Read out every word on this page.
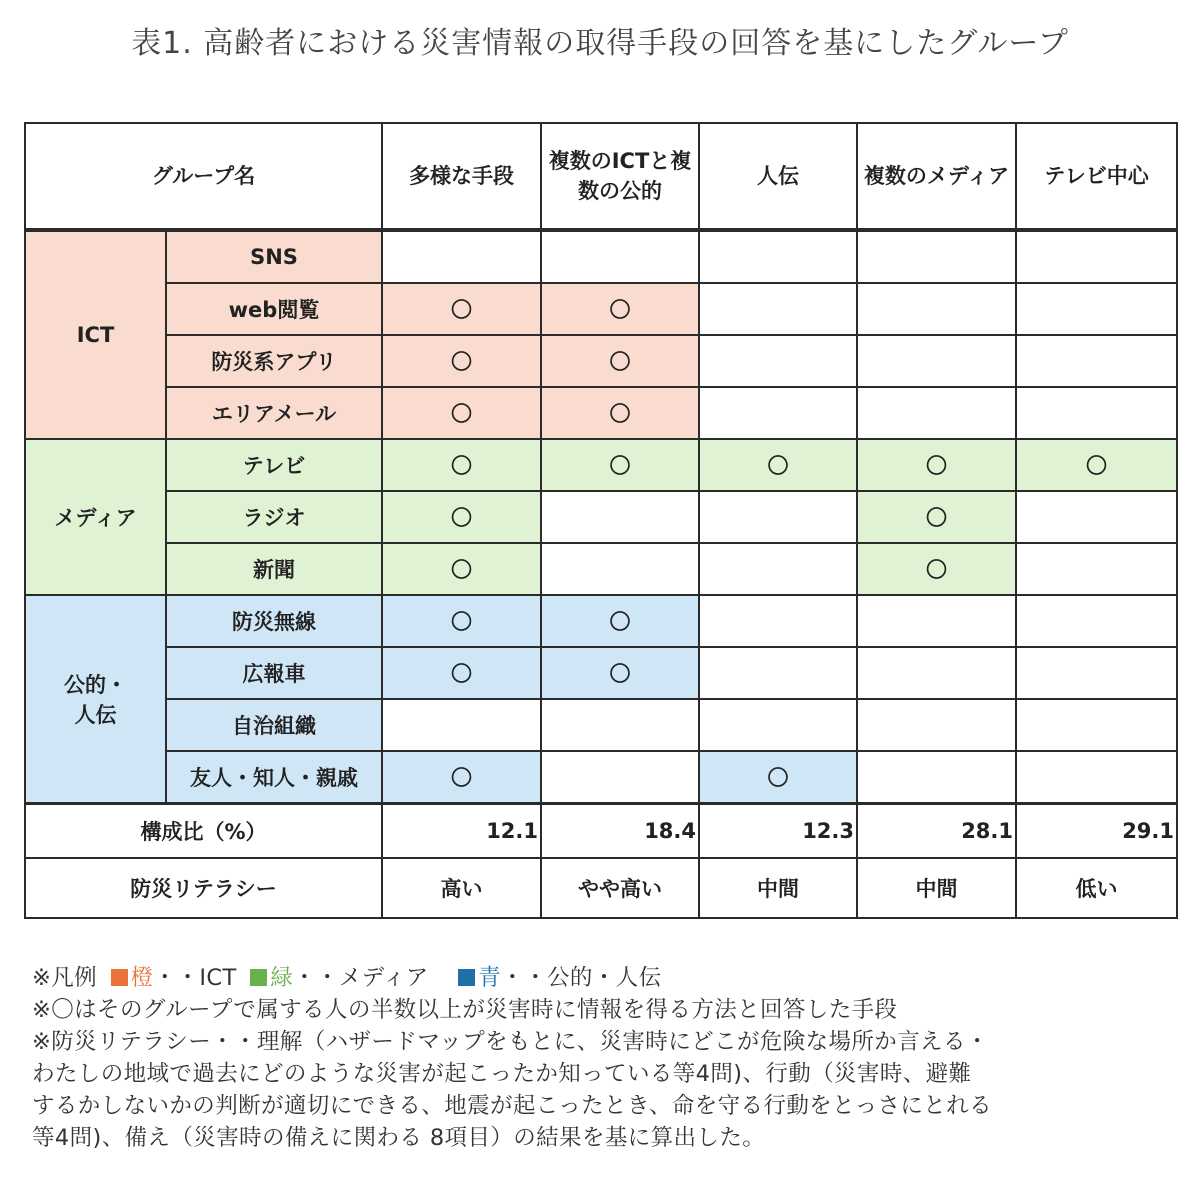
表1. 高齢者における災害情報の取得手段の回答を基にしたグループ
グループ名		多様な手段	複数のICTと複数の公的	人伝	複数のメディア	テレビ中心
ICT	SNS					
	web閲覧	〇	〇			
	防災系アプリ	〇	〇			
	エリアメール	〇	〇			
メディア	テレビ	〇	〇	〇	〇	〇
	ラジオ	〇			〇	
	新聞	〇			〇	
公的・人伝	防災無線	〇	〇			
	広報車	〇	〇			
	自治組織					
	友人・知人・親戚	〇		〇		
構成比（%）		12.1	18.4	12.3	28.1	29.1
防災リテラシー		高い	やや高い	中間	中間	低い

※凡例 橙・・ICT 緑・・メディア 青・・公的・人伝

※〇はそのグループで属する人の半数以上が災害時に情報を得る方法と回答した手段

※防災リテラシー・・理解（ハザードマップをもとに、災害時にどこが危険な場所か言える・

わたしの地域で過去にどのような災害が起こったか知っている等4問)、行動（災害時、避難

するかしないかの判断が適切にできる、地震が起こったとき、命を守る行動をとっさにとれる

等4問)、備え（災害時の備えに関わる 8項目）の結果を基に算出した。
